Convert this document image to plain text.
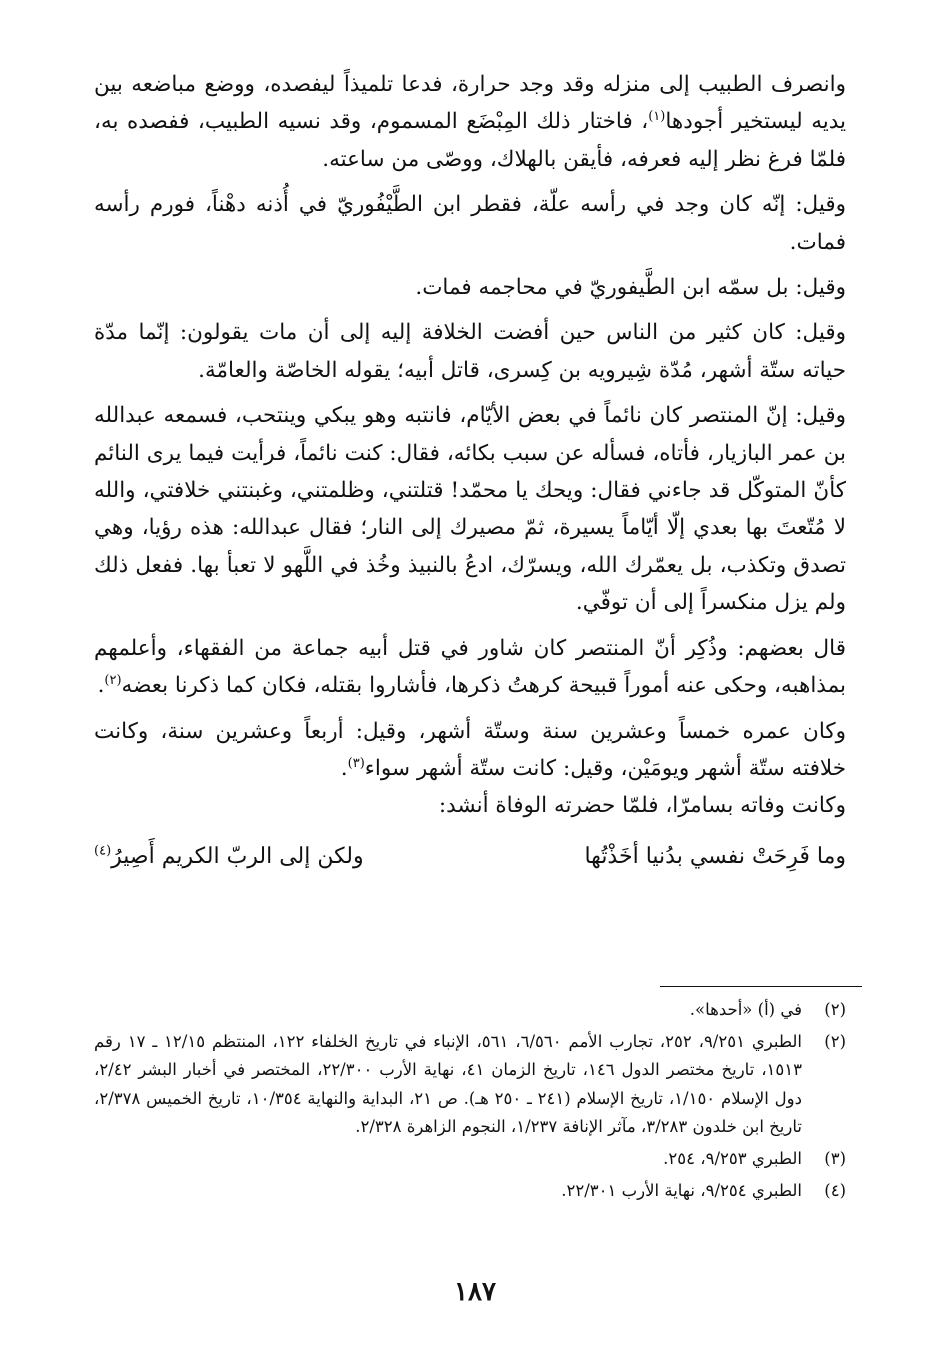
وانصرف الطبيب إلى منزله وقد وجد حرارة، فدعا تلميذاً ليفصده، ووضع مباضعه بين يديه ليستخير أجودها$^{(١)}$، فاختار ذلك المِبْضَع المسموم، وقد نسيه الطبيب، ففصده به، فلمّا فرغ نظر إليه فعرفه، فأيقن بالهلاك، ووصّى من ساعته.

وقيل: إنّه كان وجد في رأسه علّة، فقطر ابن الطَّيْفُوريّ في أُذنه دهْناً، فورم رأسه فمات.

وقيل: بل سمّه ابن الطَّيفوريّ في محاجمه فمات.

وقيل: كان كثير من الناس حين أفضت الخلافة إليه إلى أن مات يقولون: إنّما مدّة حياته ستّة أشهر، مُدّة شِيرويه بن كِسرى، قاتل أبيه؛ يقوله الخاصّة والعامّة.

وقيل: إنّ المنتصر كان نائماً في بعض الأيّام، فانتبه وهو يبكي وينتحب، فسمعه عبدالله بن عمر البازيار، فأتاه، فسأله عن سبب بكائه، فقال: كنت نائماً، فرأيت فيما يرى النائم كأنّ المتوكّل قد جاءني فقال: ويحك يا محمّد! قتلتني، وظلمتني، وغبنتني خلافتي، والله لا مُتّعتَ بها بعدي إلّا أيّاماً يسيرة، ثمّ مصيرك إلى النار؛ فقال عبدالله: هذه رؤيا، وهي تصدق وتكذب، بل يعمّرك الله، ويسرّك، ادعُ بالنبيذ وخُذ في اللَّهو لا تعبأ بها. ففعل ذلك ولم يزل منكسراً إلى أن توفّي.

قال بعضهم: وذُكِر أنّ المنتصر كان شاور في قتل أبيه جماعة من الفقهاء، وأعلمهم بمذاهبه، وحكى عنه أموراً قبيحة كرهتُ ذكرها، فأشاروا بقتله، فكان كما ذكرنا بعضه$^{(٢)}$.

وكان عمره خمساً وعشرين سنة وستّة أشهر، وقيل: أربعاً وعشرين سنة، وكانت خلافته ستّة أشهر ويومَيْن، وقيل: كانت ستّة أشهر سواء$^{(٣)}$.

وكانت وفاته بسامرّا، فلمّا حضرته الوفاة أنشد:

وما فَرِحَتْ نفسي بدُنيا أخَذْتُها
ولكن إلى الربّ الكريم أَصِيرُ$^{(٤)}$
(٢)
في (أ) «أحدها».
(٢)
الطبري ٩/٢٥١، ٢٥٢، تجارب الأمم ٦/٥٦٠، ٥٦١، الإنباء في تاريخ الخلفاء ١٢٢، المنتظم ١٢/١٥ ـ ١٧ رقم ١٥١٣، تاريخ مختصر الدول ١٤٦، تاريخ الزمان ٤١، نهاية الأرب ٢٢/٣٠٠، المختصر في أخبار البشر ٢/٤٢، دول الإسلام ١/١٥٠، تاريخ الإسلام (٢٤١ ـ ٢٥٠ هـ). ص ٢١، البداية والنهاية ١٠/٣٥٤، تاريخ الخميس ٢/٣٧٨، تاريخ ابن خلدون ٣/٢٨٣، مآثر الإنافة ١/٢٣٧، النجوم الزاهرة ٢/٣٢٨.
(٣)
الطبري ٩/٢٥٣، ٢٥٤.
(٤)
الطبري ٩/٢٥٤، نهاية الأرب ٢٢/٣٠١.
١٨٧
